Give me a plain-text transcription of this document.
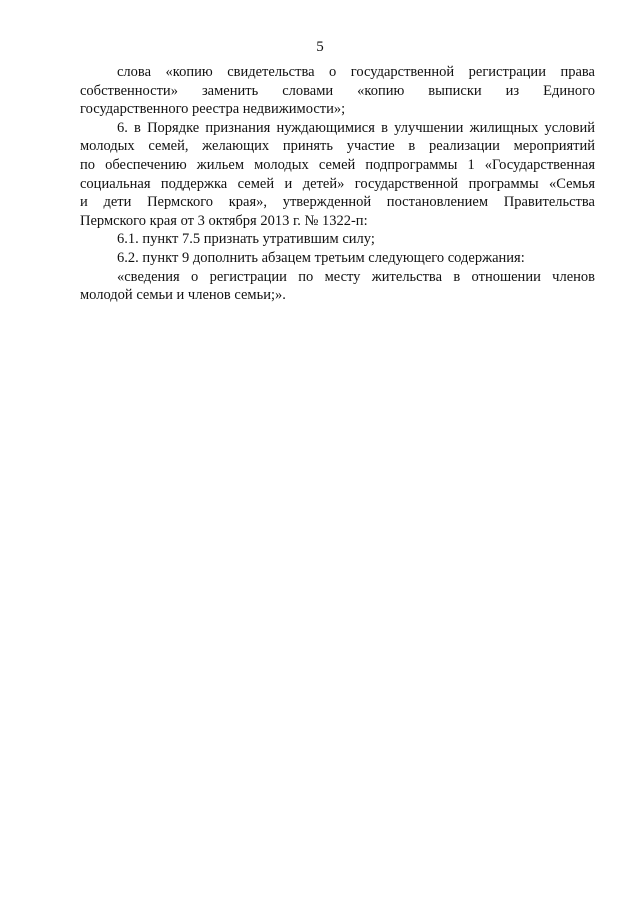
5
слова «копию свидетельства о государственной регистрации права
собственности» заменить словами «копию выписки из Единого
государственного реестра недвижимости»;
6. в Порядке признания нуждающимися в улучшении жилищных условий
молодых семей, желающих принять участие в реализации мероприятий
по обеспечению жильем молодых семей подпрограммы 1 «Государственная
социальная поддержка семей и детей» государственной программы «Семья
и дети Пермского края», утвержденной постановлением Правительства
Пермского края от 3 октября 2013 г. № 1322-п:
6.1. пункт 7.5 признать утратившим силу;
6.2. пункт 9 дополнить абзацем третьим следующего содержания:
«сведения о регистрации по месту жительства в отношении членов
молодой семьи и членов семьи;».
